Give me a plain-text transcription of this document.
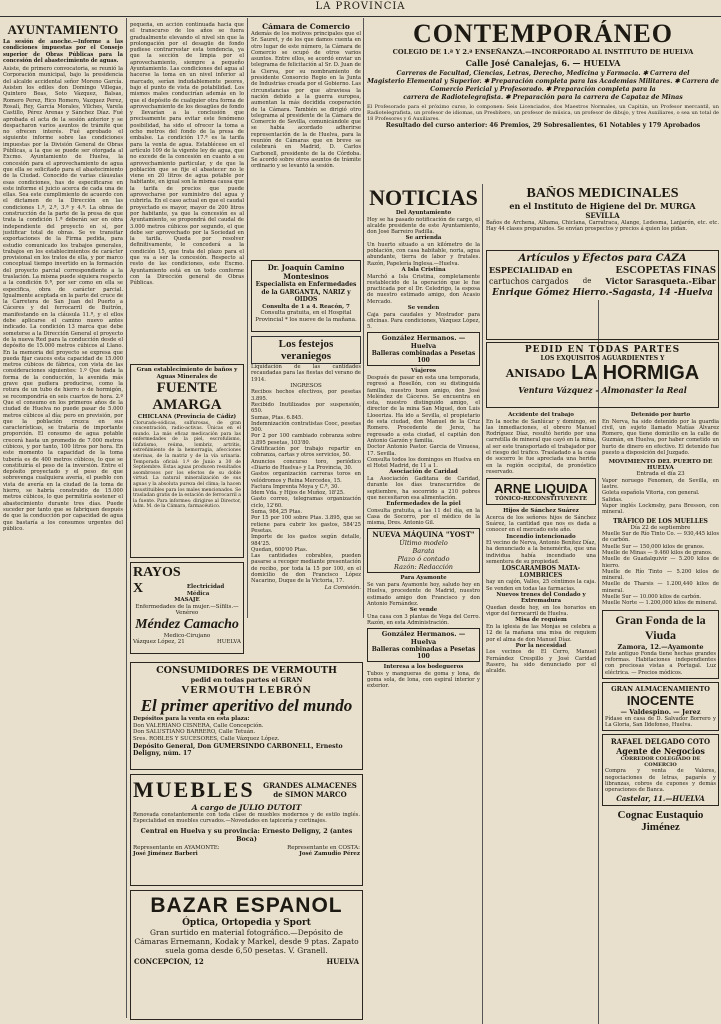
LA PROVINCIA
AYUNTAMIENTO
La sesión de anoche.—Informe a las condiciones impuestas por el Consejo superior de Obras Públicas para la concesión del abastecimiento de aguas.
Asiste, de primero convocatoria, se reunió la Corporación municipal, bajo la presidencia del alcalde accidental señor Moreno García. Asisten los ediles don Domingo Villegas, Quintero Beas, Soto Vázquez, Balsas, Romero Perez, Rico Romero, Vazquez Perez, Rosalí, Rey, García Morales, Vilches, Varela Castillo, Pérez Arenas y Sánchez Díaz. Fué aprobada el acta de la sesión anterior y se despacharon varios asuntos de trámite que no ofrecen interés. Fué aprobado el siguiente informe sobre las condiciones impuestas por la División General de Obras Públicas, a la que se puede ser otorgada al Excmo. Ayuntamiento de Huelva, la concesión para el aprovechamiento de agua que ella se solicitado para el abastecimiento de la Ciudad. Conocido de varias cláusulas esas condiciones, has de especificarse en este informe el juicio acerca de cada una de ellas. Sea este cumplimiento de acuerdo con el dictamen de la Dirección en las condiciones 1.ª, 2.ª, 3.ª y 4.ª. La obras de construcción de la parte de la presa de que trata la condición 1.ª deberán ser en obra independiente del proyecto en sí, por justificar total de obras. Se ve transitar exportaciones de la Firma pedida, para estudio comunicado los trabajos generales, trabajos en los establecimientos de carácter provisional en los tratos de ella, y por marco conceptual tiempo invertido en la formación del proyecto parcial correspondiente a la traslación. La misma puede siquiera respecto a la condición 9.ª, por ser como en ella se especifica, obra de carácter parcial. Igualmente aceptada en la parte del cruce de la Carretera de San Juan del Puerto a Cáceres y del ferrocarril de Buitrón, manifestando en la cláusula 11.ª, y el ellos debe aplicarse el camino nuevo antes indicado. La condición 13 marca que debe someterse a la Dirección General el proyecto de la nueva Red para la conducción desde el depósito de 15.000 metros cúbicos al Llano. En la memoria del proyecto se expresa que pueda fijar cauces esta capacidad de 15.000 metros cúbicos de fábrica, con vista de las consideraciones siguientes: 1.º Que dada la forma de la conducción, la avenida más grave que pudiera producirse, como la rotura de un tubo de hierro o de hormigón, se recompondría en seis cuartos de hora. 2.º Que el consumo en los primeros años de la ciudad de Huelva no puede pasar de 5.000 metros cúbicos al día; pero en previsión, por que la población crezca en sus características, se trataría de importante proporción. El consumo de agua potable crecerá hasta un promedio de 7.000 metros cúbicos, y por tanto, 100 litros por hora. En este momento la capacidad de la toma tubería es de 400 metros cúbicos, lo que se constituiría el peso de la inversión. Entre el depósito proyectado y el peso de que sobrevenga cualquiera avería, el pueblo con vista de avería en la ciudad de la toma de hierro, se habría construido de 15.000 metros cúbicos, lo que permitiría sostener el abastecimiento durante tres días. Puede suceder por tanto que se fabriquen después de que la conducción por capacidad de agua que bastaría a los consumos urgentes del público.
pequeña, en acción continuada hacia que el transcurso de los años se fuera gradualmente elevando el nivel sin que la prolongación por el desagüe de fondo pudiese contrarrestar esta tendencia, ya que la sección de limpia por el aprovechamiento, siempre a pequeño Ayuntamiento. Las condiciones del agua al hacerse la toma en un nivel inferior al marcado, serían indudablemente peores, bajo el punto de vista de potabilidad. Los mismos males conducirían además en lo que el depósito de cualquier otra forma de aprovechamiento de los desagües de fondo y llevarían a la conclusión que precisamente para evitar este fenómeno posibilidad, ha sido el ofrecer la toma a ocho metros del fondo de la presa de embalse. La condición 17.ª es la tarifa para la venta de agua. Establécese en el artículo 109 de la vigente ley de agua, que no excede de la concesión en cuanto a su aprovechamiento particular, y de que la población que se fije el abastecer no le viene en 20 litros de agua potable por habitante, en igual son la misma causa que la tarifa de precios que puede aprovecharse por suministro del agua y cubrirla. En el caso actual en que el caudal proyectado es mayor, mayor de 200 litros por habitante, ya que la concesión es al Ayuntamiento, se propondrá del caudal de 3.000 metros cúbicos por segundo, el que debe ser aprovechado por la Sociedad en la tarifa. Queda por resolver definitivamente, le concederá a la condición 15, que trata del plazo para el que va a ser la concesión. Respecto al resto de las condiciones, este Excmo. Ayuntamiento está en un todo conforme con la Dirección general de Obras Públicas.
Gran establecimiento de baños y Aguas Minerales de
FUENTE AMARGA
CHICLANA (Provincia de Cádiz)
Clorurado-sódicas, sulfurosas, de gran concentración, radio-activas. Únicas en el mundo. La más eficaz medicación para las enfermedades de la piel, escrofulismo, linfatismo, reúma, lombriz, artritis, estreñimiento de la hemorragia, afecciones uterinas, de la matriz y de la vía urinaria. Temporada oficial: 1.º de Junio a 30 de Septiembre. Estas aguas producen resultados asombrosos por los efectos de su doble virtud. La natural mineralización de sus aguas y la absoluta pureza del clima; la hacen insustituibles para los males mencionados. Se trasladan gratis de la estación de ferrocarril a la fuente. Para informes: dirigirse al Director, Adm. M. de la Cámara, farmacéutico.
RAYOS X	Electricidad Médica
MASAJE
Enfermedades de la mujer.—Sífilis.—Venéreo
Méndez Camacho
Medico-Cirujano
Vázquez López, 21	HUELVA
Cámara de Comercio
Además de los motivos principales que el Sr. Sauret, y de los que damos cuenta en otro lugar de este número, la Cámara de Comercio se ocupó de otros varios asuntos. Entre ellos, se acordó enviar un telegrama de felicitación al Sr. D. Juan de la Cierva, por su nombramiento de presidente Consorcio Regio en la Junta de Industrias creada por el Gobierno. Las circunstancias por que atraviesa la nación debido a la guerra europea, aumentan la más decidida cooperación de la Cámara. También se dirigió otro telegrama al presidente de la Cámara de Comercio de Sevilla, comunicándole que se había acordado adherirse representación de la de Huelva, para la reunión de Cámaras que en breve se celebrará en Madrid, D. Carlos Carbonell, presidente de la de Córdoba. Se acordó sobre otros asuntos de trámite ordinario y se levantó la sesión.
Dr. Joaquín Camino Montesinos
Especialista en Enfermedades de la GARGANTA, NARIZ y OIDOS
Consulta de 1 a 4. Reacón, 7
Consulta gratuita, en el Hospital Provincial * los nueve de la mañana.
Los festejos veraniegos
Liquidación de las cantidades recaudadas para las fiestas del verano de 1914.
INGRESOS
Recibos hechos efectivos, por pesetas 3.895.
Recibido Inutilizados por suspensión, 650.
Sumas, Ptas. 6.845.
Indemnización contratistas Cooc, pesetas 500.
Por 2 por 100 cambiado cobranza sobre 3.895 pesetas, 103'80.
Gratificación por trabajo repartir en cobranza, cartas y otros servicios, 50.
Anuncios concurso toro, periódico «Diario de Huelva» y La Provincia, 30.
Gastos organización carreras toros en velódromos y Reina Mercedes, 15.
Factura Imprenta Moya y C.ª, 30.
Idem Vda. y Hijos de Muñoz, 18'25.
Gasto correo, telegramas organización ciclo, 12'60.
Suma, 984,25 Ptas.
Por 15 por 100 sobre Ptas. 3.895, que se retiene para cubrir los gastos, 584'25 Pesetas.
Importe de los gastos según detalle, 984'25.
Quedan, 600'00 Ptas.
Las cantidades cobrables, pueden pasarse a recoger mediante presentación de recibo, por toda la 15 por 100, en el domicilio de don Francisco López Nacarino, Duque de la Victoria, 17.
La Comisión.
CONTEMPORÁNEO
COLEGIO DE 1.ª Y 2.ª ENSEÑANZA.—INCORPORADO AL INSTITUTO DE HUELVA
Calle José Canalejas, 6. — HUELVA
Carreras de Facultad, Ciencias, Letras, Derecho, Medicina y Farmacia. ✱ Carrera del
Magisterio Elemental y Superior. ✱ Preparación completa para las Academias Militares. ✱ Carrera de Comercio Pericial y Profesorado. ✱ Preparación completa para la
carrera de Radiotelegrafista. ✱ Preparación para la carrera de Capataz de Minas
El Profesorado para el próximo curso, lo componen: Seis Licenciados, dos Maestros Normales, un Capitán, un Profesor mercantil, un Radiotelegrafista, un profesor de idiomas, un Presbítero, un profesor de música, un profesor de dibujo, y tres Auxiliares, o sea un total de 18 Profesores y 6 Auxiliares.
Resultado del curso anterior: 46 Premios, 29 Sobresalientes, 61 Notables y 179 Aprobados
NOTICIAS
Del Ayuntamiento
Hoy se ha pasado notificación de cargo, el alcalde presidente de este Ayuntamiento, don José Barreiro Padilla.
Se arrienda
Un huerto situado a un kilómetro de la población, con casa habitable, noria, agua abundante, tierra de labor y frutales. Razón, Papelería Inglesa.—Huelva.
A Isla Cristina
Marchó a Isla Cristina, completamente restablecido de la operación que le fue practicada por el Dr. Celedrigo, la esposa de nuestro estimado amigo, don Acasio Mercado.
Se venden
Caja para caudales y Mostrador para oficinas. Para condiciones, Vázquez López, 5.
González Hermanos. — Huelva
Balleras combinadas a Pesetas 100
Viajeros
Después de pasar en esta una temporada, regresó a Rosellón, con su distinguida familia, nuestro buen amigo, don José Meléndez de Cáceres. Se encuentra en esta, nuestro distinguido amigo, el director de la mina San Miguel, don Luis Lloeeriza. Ha ido a Sevilla, el propietario de esta ciudad, don Manuel de la Cruz Romero. Procedente de Jerez, ha regresado a esta ciudad, el capitán don Antonio Garzón y familia.
Doctor Antonio Pastor. Garcia de Vinuesa, 17. Sevilla.
Consulta todos los domingos en Huelva en el Hotel Madrid, de 11 a 1.
Asociación de Caridad
La Asociación Gaditana de Caridad, durante los días transcurridos de septiembre, ha socorrido a 210 pobres que necesitaron esa alimentación.
Enfermedades de la piel
Consulta gratuita, a las 11 del día, en la Casa de Socorro, por el médico de la misma, Dres. Antonio Gil.
NUEVA MÁQUINA "YOST"
Último modelo
Barata
Plazo ó contado
Razón: Redacción
Para Ayamonte
Se van para Ayamonte hoy, saludo hoy en Huelva, procedente de Madrid, nuestro estimado amigo don Francisco y don Antonio Fernández.
Se vende
Una casa con 3 plantas de Vega del Cerro. Razón, en esta Administración.
González Hermanos. — Huelva
Balleras combinadas a Pesetas 100
Interesa a los bodegueros
Tubos y mangueras de goma y lona, de goma sola, de lona, con espiral interior y exterior.
BAÑOS MEDICINALES
en el Instituto de Higiene del Dr. MURGA
SEVILLA
Baños de Archena, Alhama, Chiclana, Carratraca, Alange, Ledesma, Lanjarón, etc. etc. Hay 44 clases preparados. Se envían prospectos y precios á quien los pidan.
Artículos y Efectos para CAZA
ESPECIALIDAD en	ESCOPETAS FINAS
cartuchos cargados de Victor Sarasqueta.-Eibar
Enrique Gómez Hierro.-Sagasta, 14 -Huelva
PEDID EN TODAS PARTES
LOS EXQUISITOS AGUARDIENTES Y
ANISADO LA HORMIGA
Ventura Vázquez - Almonaster la Real
Accidente del trabajo
En la noche de Sanlúcar y domingo, en las inmediaciones, el obrero Manuel Rodríguez Díaz, resultó herido por una carretilla de mineral que cayó en la mina, al ser este transportado el trabajador por el riesgo del tráfico. Trasladado a la casa de socorro le fue apreciada una herida en la región occipital, de pronóstico reservado.
ARNE LIQUIDA
TÓNICO-RECONSTITUYENTE
Hijos de Sánchez Suárez
Acerca de los señores hijos de Sánchez Suárez, la cantidad que nos es dada a conocer en el mercado este año.
Incendio intencionado
El vecino de Nerva, Antonio Benítez Díaz, ha denunciado a la benemérita, que una individua había incendiado una sementera de su propiedad.
LOSCARAMBOS MATA-LOMBRICES
hay un cajón, Valles, 25 céntimos la caja. Se venden en todas las farmacias.
Nuevos trenes del Condado y Extremadura
Quedan desde hoy, en los horarios en vigor del ferrocarril de Huelva.
Misa de requiem
En la iglesia de las Monjas se celebra a 12 de la mañana una misa de requiem por el alma de don Manuel Díaz.
Por la necesidad
Los vecinos de El Cerro, Manuel Fernández Crespillo y José Caridad Rasero, ha sido denunciado por el alcalde.
Detenido por hurto
En Nerva, ha sido detenido por la guardia civil, un sujeto llamado Matías Álvarez Romero, que tiene domicilio en la calle de Guzmán, en Huelva, por haber cometido un hurto de dinero en efectivo. El detenido fue puesto a disposición del Juzgado.
MOVIMIENTO DEL PUERTO DE HUELVA
Entrada el día 23
Vapor noruego Fenomen, de Sevilla, en lastre.
Goleta española Vitoria, con general.
Salidas.
Vapor inglés Lockmsby, para Bresson, con mineral.
TRÁFICO DE LOS MUELLES
Día 22 de septiembre
Muelle Sur de Río Tinto Co. — 930,445 kilos de carbón.
Muelle Sur — 150,000 kilos de granos.
Muelle de Minas — 9.460 kilos de granos.
Muelle de Guadalquivir — 5.200 kilos de hierro.
Muelle de Río Tinto — 5.200 kilos de mineral.
Muelle de Tharsis — 1.200,440 kilos de mineral.
Muelle Sur — 10.000 kilos de carbón.
Muelle Norte — 1.200,000 kilos de mineral.
Gran Fonda de la Viuda
Zamora, 12.—Ayamonte
Este antiguo Fonda tiene hechas grandes reformas. Habitaciones independientes con preciosas vistas a Portugal. Luz eléctrica. — Precios módicos.
GRAN ALMACENAMIENTO
INOCENTE
— Valdespino. — Jerez
Pídase en casa de D. Salvador Borrero y La Gloria, San Ildefonso, Huelva.
RAFAEL DELGADO COTO
Agente de Negocios
CORREDOR COLEGIADO DE COMERCIO
Compra y venta de Valores, negociaciones de letras, pagarés y libranzas, cobros de cupones y demás operaciones de Banca.
Castelar, 11.—HUELVA
Cognac Eustaquio Jiménez
CONSUMIDORES DE VERMOUTH
pedid en todas partes el GRAN
VERMOUTH LEBRÓN
El primer aperitivo del mundo
Depósitos para la venta en esta plaza:
Don VALERIANO CISNERA, Calle Concepción.
Don SALUSTIANO BARRERO, Calle Tetuán.
Sres. ROBLES Y SUCESORES, Calle Vázquez López.
Depósito General, Don GUMERSINDO CARBONELL, Ernesto Deligny, núm. 17
MUEBLES	GRANDES ALMACENES de SIMON MARCO
A cargo de JULIO DUTOIT
Renovada constantemente con toda clase de muebles modernos y de estilo inglés. Especialidad en muebles curvados.—Novedades en tapicería y cortinajes.
Central en Huelva y su provincia: Ernesto Deligny, 2 (antes Boca)
Representante en AYAMONTE:
José Jiménez Barberi
Representante en COSTA:
José Zamudio Pérez
BAZAR ESPANOL
Óptica, Ortopedia y Sport
Gran surtido en material fotográfico.—Depósito de Cámaras Ernemann, Kodak y Markel, desde 9 ptas. Zapato suela goma desde 6,50 pesetas. V. Granell.
CONCEPCION, 12	HUELVA
